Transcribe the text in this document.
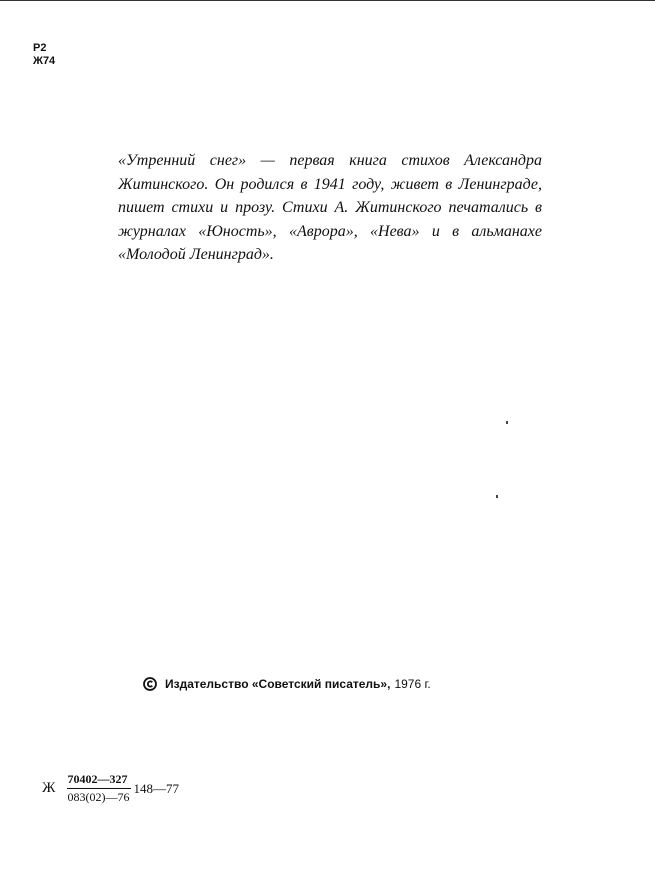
Р2
Ж74

«Утренний снег» — первая книга стихов Александра Житинского. Он родился в 1941 году, живет в Ленинграде, пишет стихи и прозу. Стихи А. Житинского печатались в журналах «Юность», «Аврора», «Нева» и в альманахе «Молодой Ленинград».

Издательство «Советский писатель», 1976 г.
Ж $\frac{70402—327}{083(02)—76}$ 148—77
